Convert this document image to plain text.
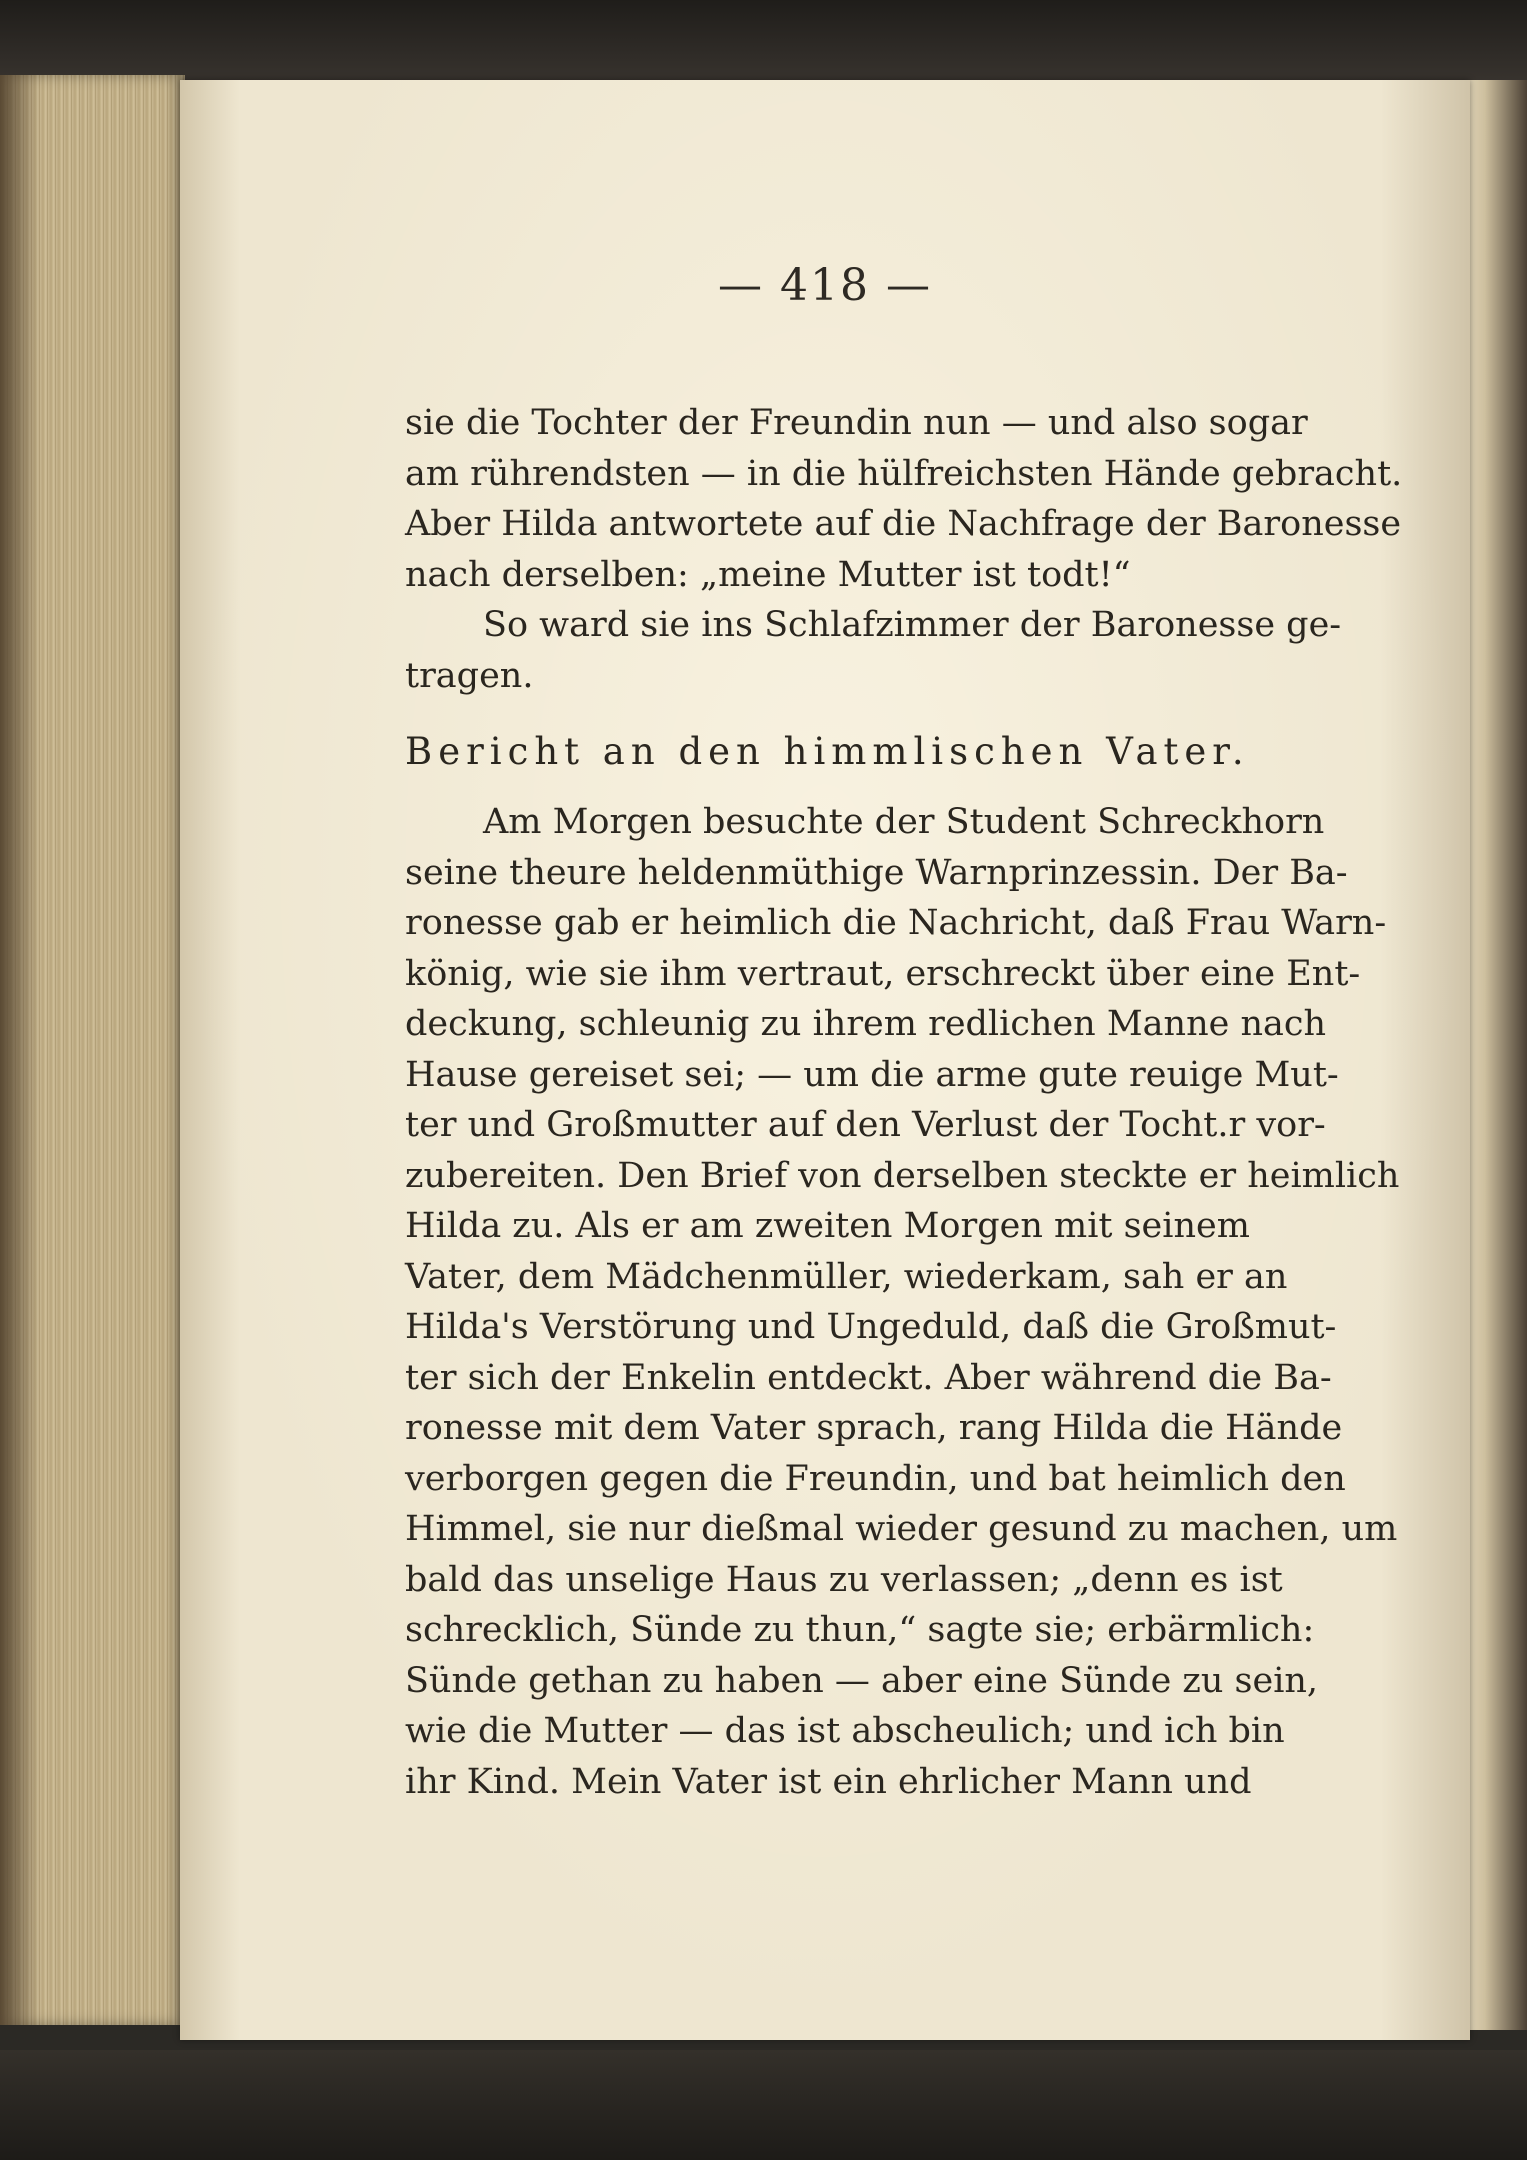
— 418 —
sie die Tochter der Freundin nun — und also sogar
am rührendsten — in die hülfreichsten Hände gebracht.
Aber Hilda antwortete auf die Nachfrage der Baronesse
nach derselben: „meine Mutter ist todt!“
So ward sie ins Schlafzimmer der Baronesse ge-
tragen.
Bericht an den himmlischen Vater.
Am Morgen besuchte der Student Schreckhorn
seine theure heldenmüthige Warnprinzessin. Der Ba-
ronesse gab er heimlich die Nachricht, daß Frau Warn-
könig, wie sie ihm vertraut, erschreckt über eine Ent-
deckung, schleunig zu ihrem redlichen Manne nach
Hause gereiset sei; — um die arme gute reuige Mut-
ter und Großmutter auf den Verlust der Tocht.r vor-
zubereiten. Den Brief von derselben steckte er heimlich
Hilda zu. Als er am zweiten Morgen mit seinem
Vater, dem Mädchenmüller, wiederkam, sah er an
Hilda's Verstörung und Ungeduld, daß die Großmut-
ter sich der Enkelin entdeckt. Aber während die Ba-
ronesse mit dem Vater sprach, rang Hilda die Hände
verborgen gegen die Freundin, und bat heimlich den
Himmel, sie nur dießmal wieder gesund zu machen, um
bald das unselige Haus zu verlassen; „denn es ist
schrecklich, Sünde zu thun,“ sagte sie; erbärmlich:
Sünde gethan zu haben — aber eine Sünde zu sein,
wie die Mutter — das ist abscheulich; und ich bin
ihr Kind. Mein Vater ist ein ehrlicher Mann und
